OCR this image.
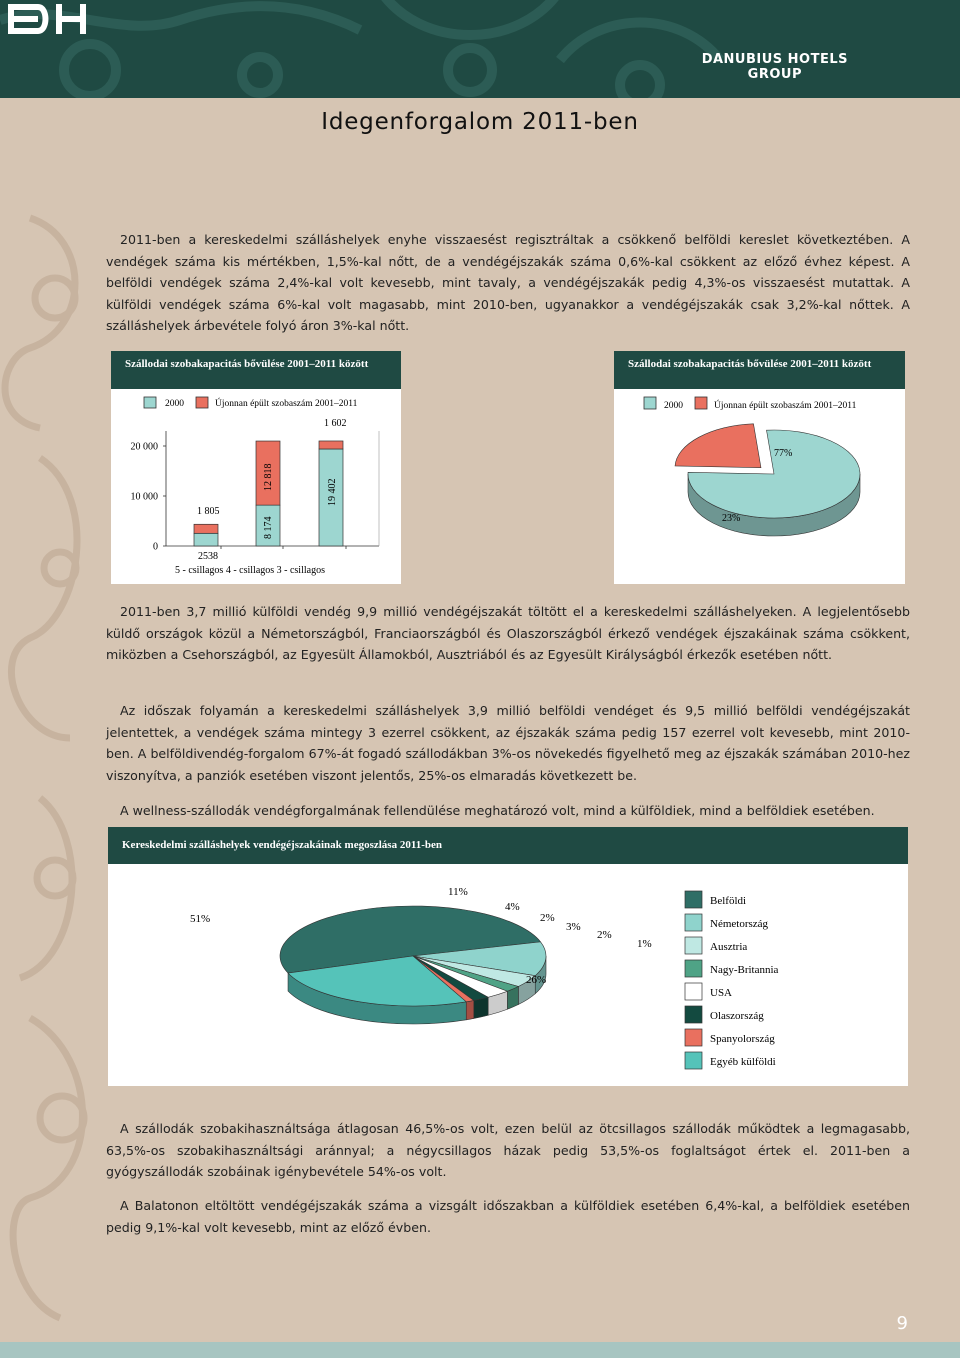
DANUBIUS HOTELS
GROUP
Idegenforgalom 2011-ben

2011-ben a kereskedelmi szálláshelyek enyhe visszaesést regisztráltak a csökkenő belföldi kereslet következtében. A vendégek száma kis mértékben, 1,5%-kal nőtt, de a vendégéjszakák száma 0,6%-kal csökkent az előző évhez képest. A belföldi vendégek száma 2,4%-kal volt kevesebb, mint tavaly, a vendégéjszakák pedig 4,3%-os visszaesést mutattak. A külföldi vendégek száma 6%-kal volt magasabb, mint 2010-ben, ugyanakkor a vendégéjszakák csak 3,2%-kal nőttek. A szálláshelyek árbevétele folyó áron 3%-kal nőtt.

Szállodai szobakapacitás bővülése 2001–2011 között
2000	Újonnan épült szobaszám 2001–2011
0
10 000
20 000
5 - csillagos 4 - csillagos 3 - csillagos
2538
1 805
8 174
12 818
19 402
1 602
Szállodai szobakapacitás bővülése 2001–2011 között
2000	Újonnan épült szobaszám 2001–2011
77%
23%

2011-ben 3,7 millió külföldi vendég 9,9 millió vendégéjszakát töltött el a kereskedelmi szálláshelyeken. A legjelentősebb küldő országok közül a Németországból, Franciaországból és Olaszországból érkező vendégek éjszakáinak száma csökkent, miközben a Csehországból, az Egyesült Államokból, Ausztriából és az Egyesült Királyságból érkezők esetében nőtt.

Az időszak folyamán a kereskedelmi szálláshelyek 3,9 millió belföldi vendéget és 9,5 millió belföldi vendégéjszakát jelentettek, a vendégek száma mintegy 3 ezerrel csökkent, az éjszakák száma pedig 157 ezerrel volt kevesebb, mint 2010-ben. A belföldivendég-forgalom 67%-át fogadó szállodákban 3%-os növekedés figyelhető meg az éjszakák számában 2010-hez viszonyítva, a panziók esetében viszont jelentős, 25%-os elmaradás következett be.

A wellness-szállodák vendégforgalmának fellendülése meghatározó volt, mind a külföldiek, mind a belföldiek esetében.

Kereskedelmi szálláshelyek vendégéjszakáinak megoszlása 2011-ben
51%
11%
4%
2%
3%
2%
1%
26%
Belföldi
Németország
Ausztria
Nagy-Britannia
USA
Olaszország
Spanyolország
Egyéb külföldi

A szállodák szobakihasználtsága átlagosan 46,5%-os volt, ezen belül az ötcsillagos szállodák működtek a legmagasabb, 63,5%-os szobakihasználtsági aránnyal; a négycsillagos házak pedig 53,5%-os foglaltságot értek el. 2011-ben a gyógyszállodák szobáinak igénybevétele 54%-os volt.

A Balatonon eltöltött vendégéjszakák száma a vizsgált időszakban a külföldiek esetében 6,4%-kal, a belföldiek esetében pedig 9,1%-kal volt kevesebb, mint az előző évben.

9
